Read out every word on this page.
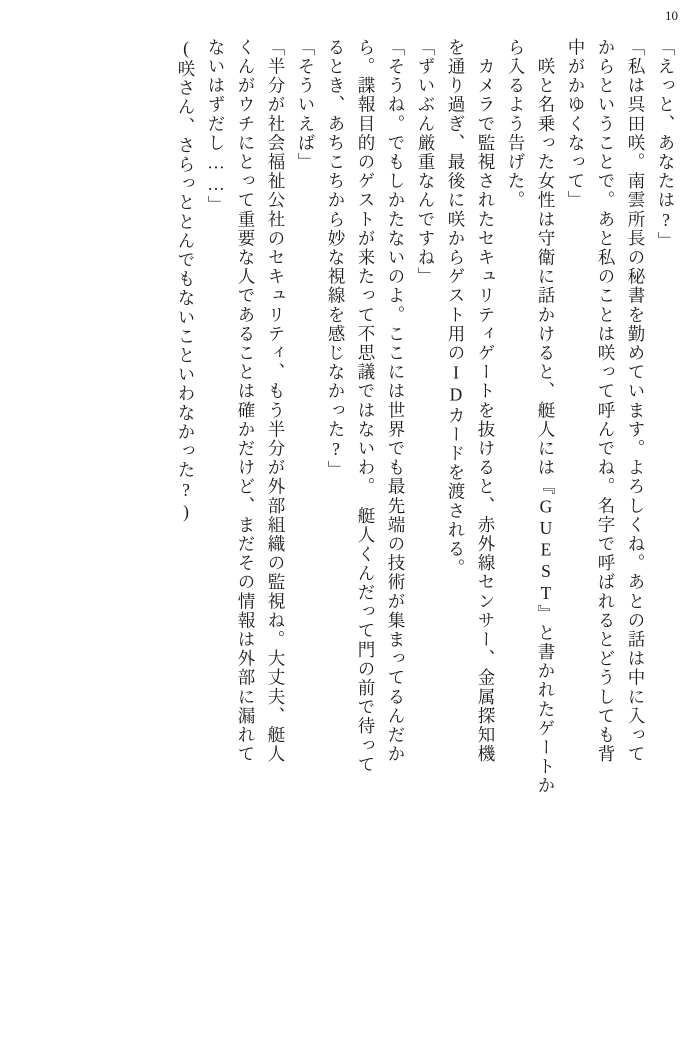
10
「えっと、あなたは?」
「私は呉田咲。南雲所長の秘書を勤めています。よろしくね。あとの話は中に入って
からということで。あと私のことは咲って呼んでね。名字で呼ばれるとどうしても背
中がかゆくなって」
　咲と名乗った女性は守衛に話かけると、艇人には『GUEST』と書かれたゲートか
ら入るよう告げた。
　カメラで監視されたセキュリティゲートを抜けると、赤外線センサー、金属探知機
を通り過ぎ、最後に咲からゲスト用のIDカードを渡される。
「ずいぶん厳重なんですね」
「そうね。でもしかたないのよ。ここには世界でも最先端の技術が集まってるんだか
ら。諜報目的のゲストが来たって不思議ではないわ。　艇人くんだって門の前で待って
るとき、あちこちから妙な視線を感じなかった?」
「そういえば」
「半分が社会福祉公社のセキュリティ、もう半分が外部組織の監視ね。大丈夫、艇人
くんがウチにとって重要な人であることは確かだけど、まだその情報は外部に漏れて
ないはずだし……」
(咲さん、さらっととんでもないこといわなかった?)
